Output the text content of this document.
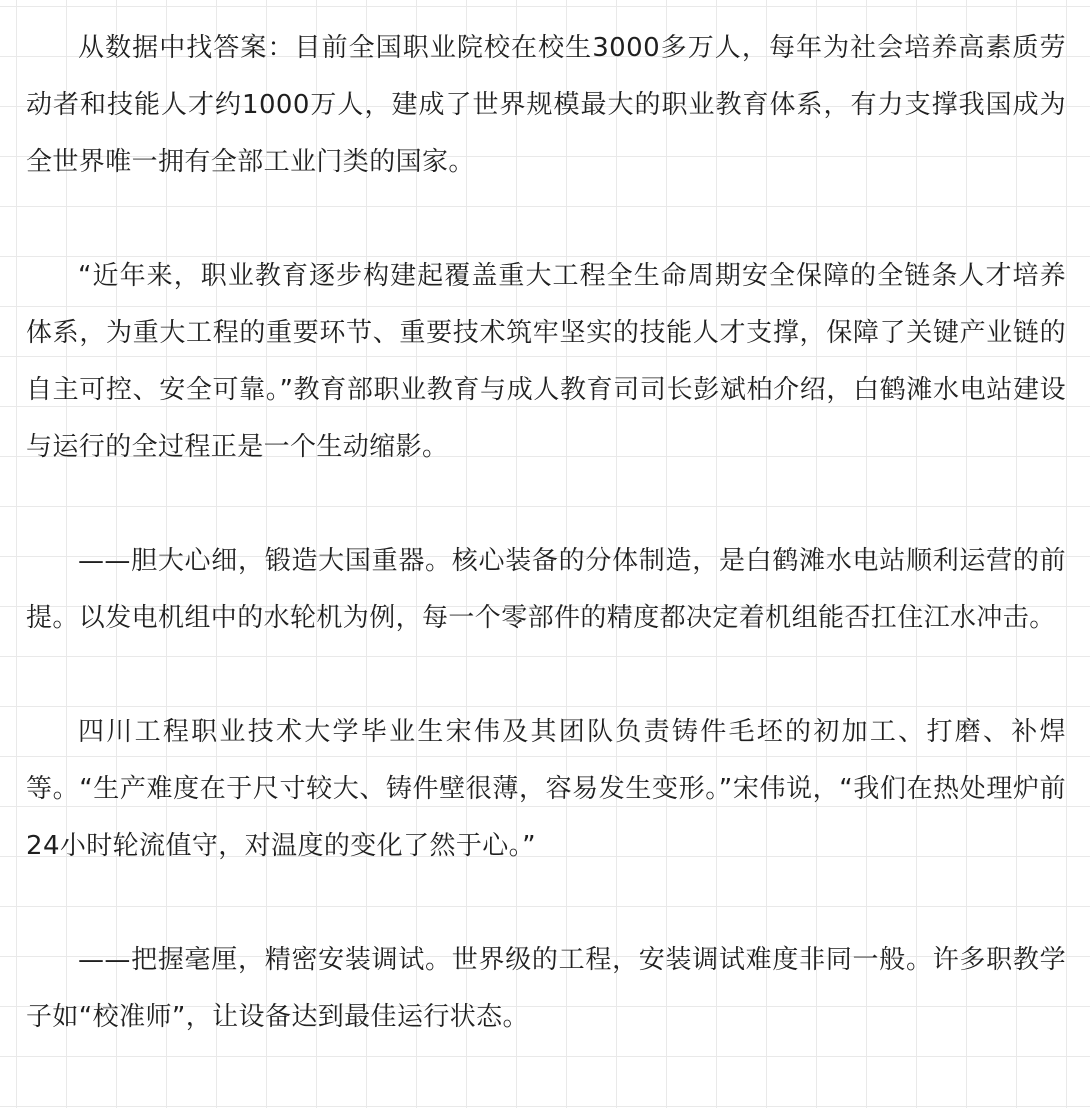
从数据中找答案：目前全国职业院校在校生3000多万人，每年为社会培养高素质劳动者和技能人才约1000万人，建成了世界规模最大的职业教育体系，有力支撑我国成为全世界唯一拥有全部工业门类的国家。

“近年来，职业教育逐步构建起覆盖重大工程全生命周期安全保障的全链条人才培养体系，为重大工程的重要环节、重要技术筑牢坚实的技能人才支撑，保障了关键产业链的自主可控、安全可靠。”教育部职业教育与成人教育司司长彭斌柏介绍，白鹤滩水电站建设与运行的全过程正是一个生动缩影。

——胆大心细，锻造大国重器。核心装备的分体制造，是白鹤滩水电站顺利运营的前提。以发电机组中的水轮机为例，每一个零部件的精度都决定着机组能否扛住江水冲击。

四川工程职业技术大学毕业生宋伟及其团队负责铸件毛坯的初加工、打磨、补焊等。“生产难度在于尺寸较大、铸件壁很薄，容易发生变形。”宋伟说，“我们在热处理炉前24小时轮流值守，对温度的变化了然于心。”

——把握毫厘，精密安装调试。世界级的工程，安装调试难度非同一般。许多职教学子如“校准师”，让设备达到最佳运行状态。
